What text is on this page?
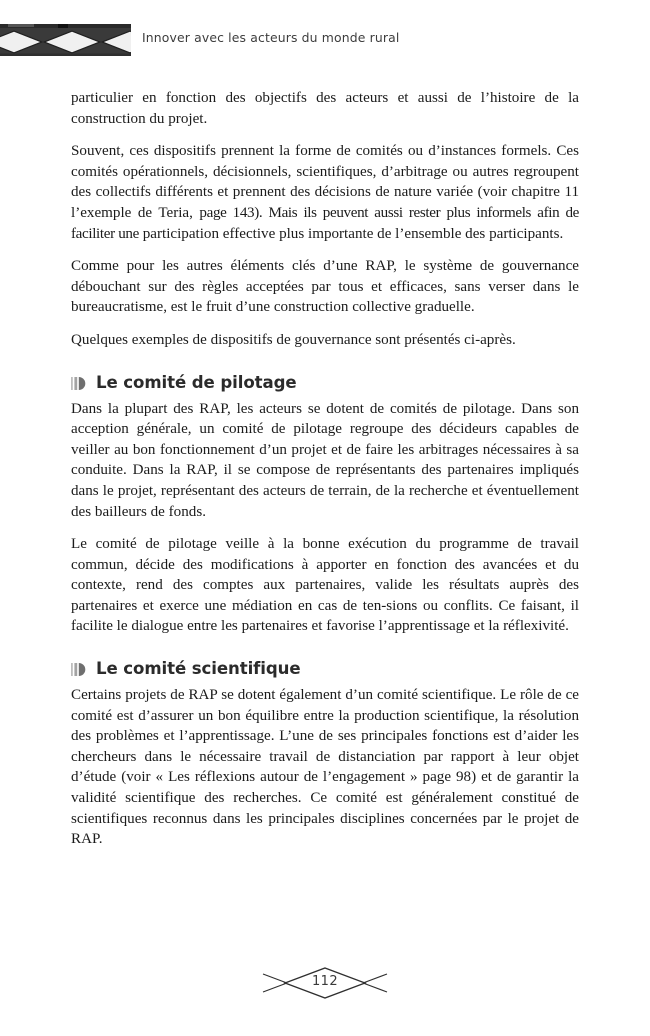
Innover avec les acteurs du monde rural

particulier en fonction des objectifs des acteurs et aussi de l’histoire de la construction du projet.

Souvent, ces dispositifs prennent la forme de comités ou d’instances formels. Ces comités opérationnels, décisionnels, scientifiques, d’arbitrage ou autres regroupent des collectifs différents et prennent des décisions de nature variée (voir chapitre 11 l’exemple de Teria, page 143). Mais ils peuvent aussi rester plus informels afin de faciliter une participation effective plus importante de l’ensemble des participants.

Comme pour les autres éléments clés d’une RAP, le système de gouvernance débouchant sur des règles acceptées par tous et efficaces, sans verser dans le bureaucratisme, est le fruit d’une construction collective graduelle.

Quelques exemples de dispositifs de gouvernance sont présentés ci-après.

Le comité de pilotage

Dans la plupart des RAP, les acteurs se dotent de comités de pilotage. Dans son acception générale, un comité de pilotage regroupe des décideurs capables de veiller au bon fonctionnement d’un projet et de faire les arbitrages nécessaires à sa conduite. Dans la RAP, il se compose de représentants des partenaires impliqués dans le projet, représentant des acteurs de terrain, de la recherche et éventuellement des bailleurs de fonds.

Le comité de pilotage veille à la bonne exécution du programme de travail commun, décide des modifications à apporter en fonction des avancées et du contexte, rend des comptes aux partenaires, valide les résultats auprès des partenaires et exerce une médiation en cas de ten-sions ou conflits. Ce faisant, il facilite le dialogue entre les partenaires et favorise l’apprentissage et la réflexivité.

Le comité scientifique

Certains projets de RAP se dotent également d’un comité scientifique. Le rôle de ce comité est d’assurer un bon équilibre entre la production scientifique, la résolution des problèmes et l’apprentissage. L’une de ses principales fonctions est d’aider les chercheurs dans le nécessaire travail de distanciation par rapport à leur objet d’étude (voir « Les réflexions autour de l’engagement » page 98) et de garantir la validité scientifique des recherches. Ce comité est généralement constitué de scientifiques reconnus dans les principales disciplines concernées par le projet de RAP.

112
